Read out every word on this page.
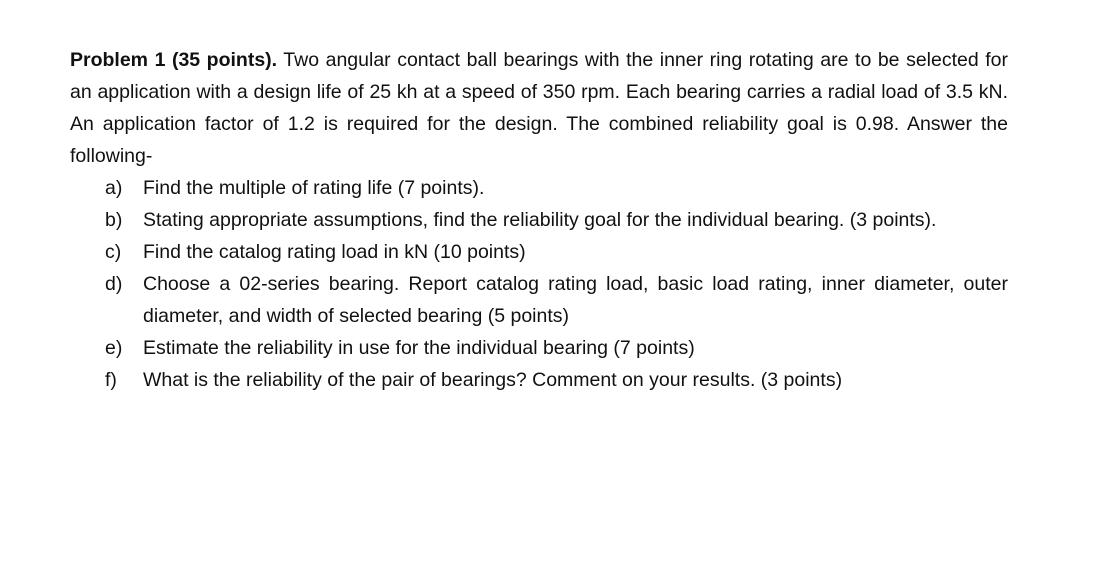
Problem 1 (35 points). Two angular contact ball bearings with the inner ring rotating are to be selected for an application with a design life of 25 kh at a speed of 350 rpm. Each bearing carries a radial load of 3.5 kN. An application factor of 1.2 is required for the design. The combined reliability goal is 0.98. Answer the following-

a) Find the multiple of rating life (7 points).
b) Stating appropriate assumptions, find the reliability goal for the individual bearing. (3 points).
c) Find the catalog rating load in kN (10 points)
d) Choose a 02-series bearing. Report catalog rating load, basic load rating, inner diameter, outer diameter, and width of selected bearing (5 points)
e) Estimate the reliability in use for the individual bearing (7 points)
f) What is the reliability of the pair of bearings? Comment on your results. (3 points)
